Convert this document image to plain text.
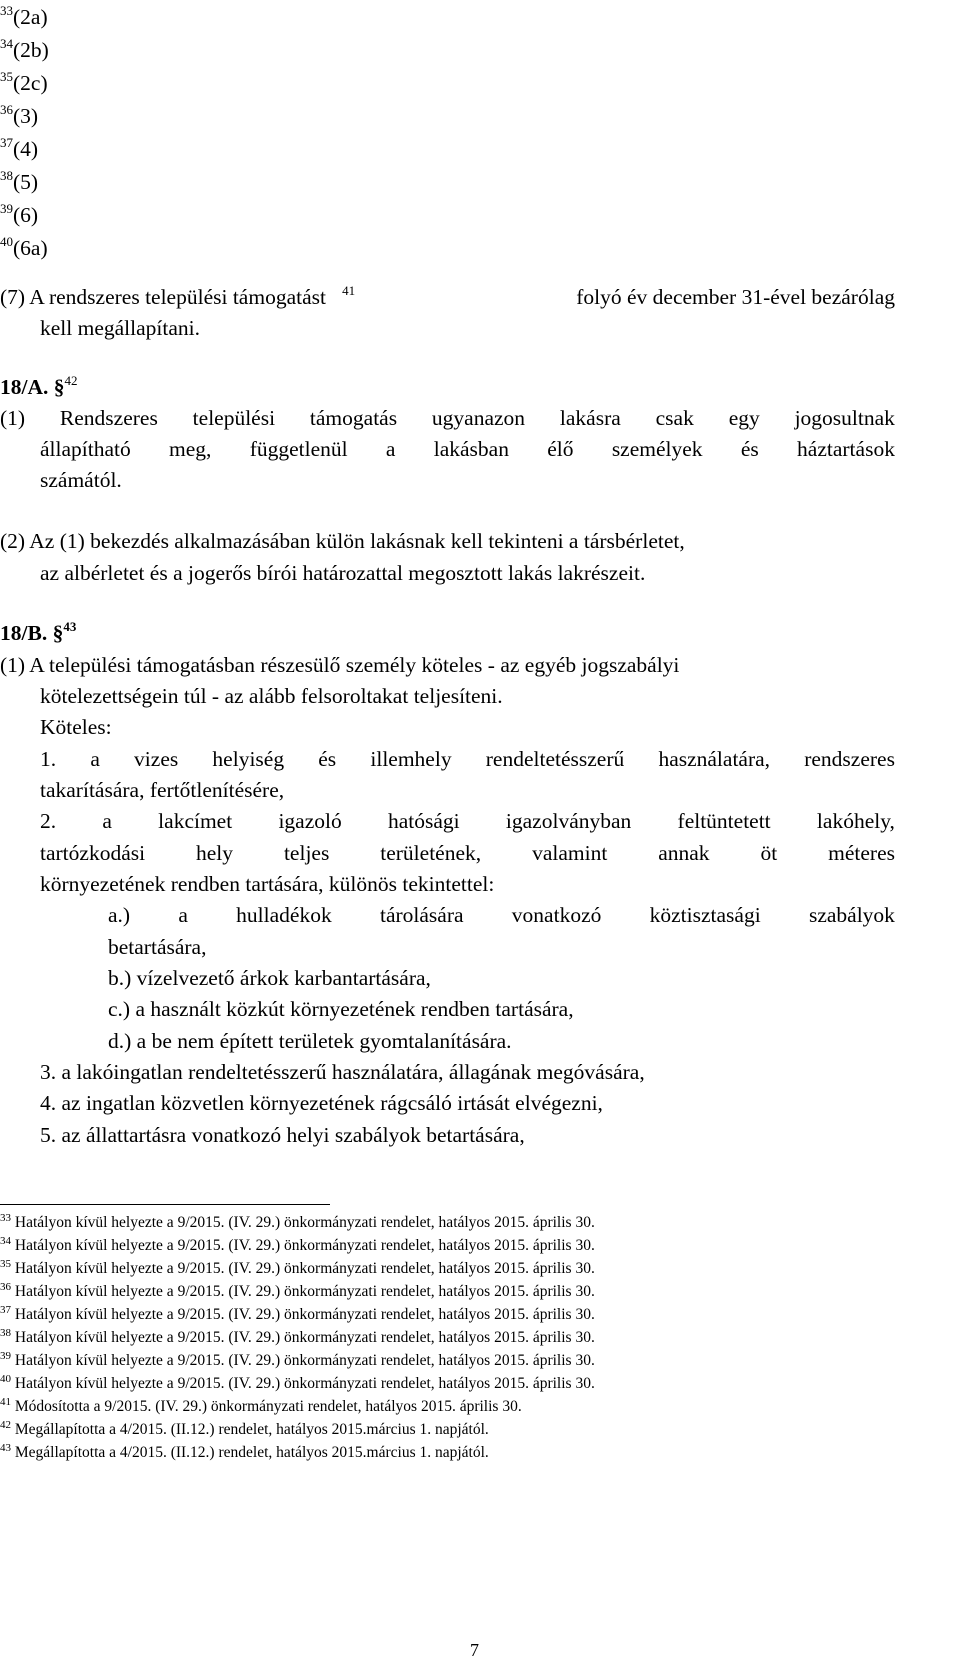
$^{33}$(2a)
$^{34}$(2b)
$^{35}$(2c)
$^{36}$(3)
$^{37}$(4)
$^{38}$(5)
$^{39}$(6)
$^{40}$(6a)
(7) A rendszeres települési támogatást $^{41}$	folyó év december 31-ével bezárólag
kell megállapítani.
18/A. §$^{42}$
(1) Rendszeres települési támogatás ugyanazon lakásra csak egy jogosultnak
állapítható meg, függetlenül a lakásban élő személyek és háztartások
számától.
(2) Az (1) bekezdés alkalmazásában külön lakásnak kell tekinteni a társbérletet,
az albérletet és a jogerős bírói határozattal megosztott lakás lakrészeit.
18/B. §$^{43}$
(1) A települési támogatásban részesülő személy köteles - az egyéb jogszabályi
kötelezettségein túl - az alább felsoroltakat teljesíteni.
Köteles:
1. a vizes helyiség és illemhely rendeltetésszerű használatára, rendszeres
takarítására, fertőtlenítésére,
2. a lakcímet igazoló hatósági igazolványban feltüntetett lakóhely,
tartózkodási hely teljes területének, valamint annak öt méteres
környezetének rendben tartására, különös tekintettel:
a.) a hulladékok tárolására vonatkozó köztisztasági szabályok
betartására,
b.) vízelvezető árkok karbantartására,
c.) a használt közkút környezetének rendben tartására,
d.) a be nem épített területek gyomtalanítására.
3. a lakóingatlan rendeltetésszerű használatára, állagának megóvására,
4. az ingatlan közvetlen környezetének rágcsáló irtását elvégezni,
5. az állattartásra vonatkozó helyi szabályok betartására,
$^{33}$ Hatályon kívül helyezte a 9/2015. (IV. 29.) önkormányzati rendelet, hatályos 2015. április 30.
$^{34}$ Hatályon kívül helyezte a 9/2015. (IV. 29.) önkormányzati rendelet, hatályos 2015. április 30.
$^{35}$ Hatályon kívül helyezte a 9/2015. (IV. 29.) önkormányzati rendelet, hatályos 2015. április 30.
$^{36}$ Hatályon kívül helyezte a 9/2015. (IV. 29.) önkormányzati rendelet, hatályos 2015. április 30.
$^{37}$ Hatályon kívül helyezte a 9/2015. (IV. 29.) önkormányzati rendelet, hatályos 2015. április 30.
$^{38}$ Hatályon kívül helyezte a 9/2015. (IV. 29.) önkormányzati rendelet, hatályos 2015. április 30.
$^{39}$ Hatályon kívül helyezte a 9/2015. (IV. 29.) önkormányzati rendelet, hatályos 2015. április 30.
$^{40}$ Hatályon kívül helyezte a 9/2015. (IV. 29.) önkormányzati rendelet, hatályos 2015. április 30.
$^{41}$ Módosította a 9/2015. (IV. 29.) önkormányzati rendelet, hatályos 2015. április 30.
$^{42}$ Megállapította a 4/2015. (II.12.) rendelet, hatályos 2015.március 1. napjától.
$^{43}$ Megállapította a 4/2015. (II.12.) rendelet, hatályos 2015.március 1. napjától.
7
